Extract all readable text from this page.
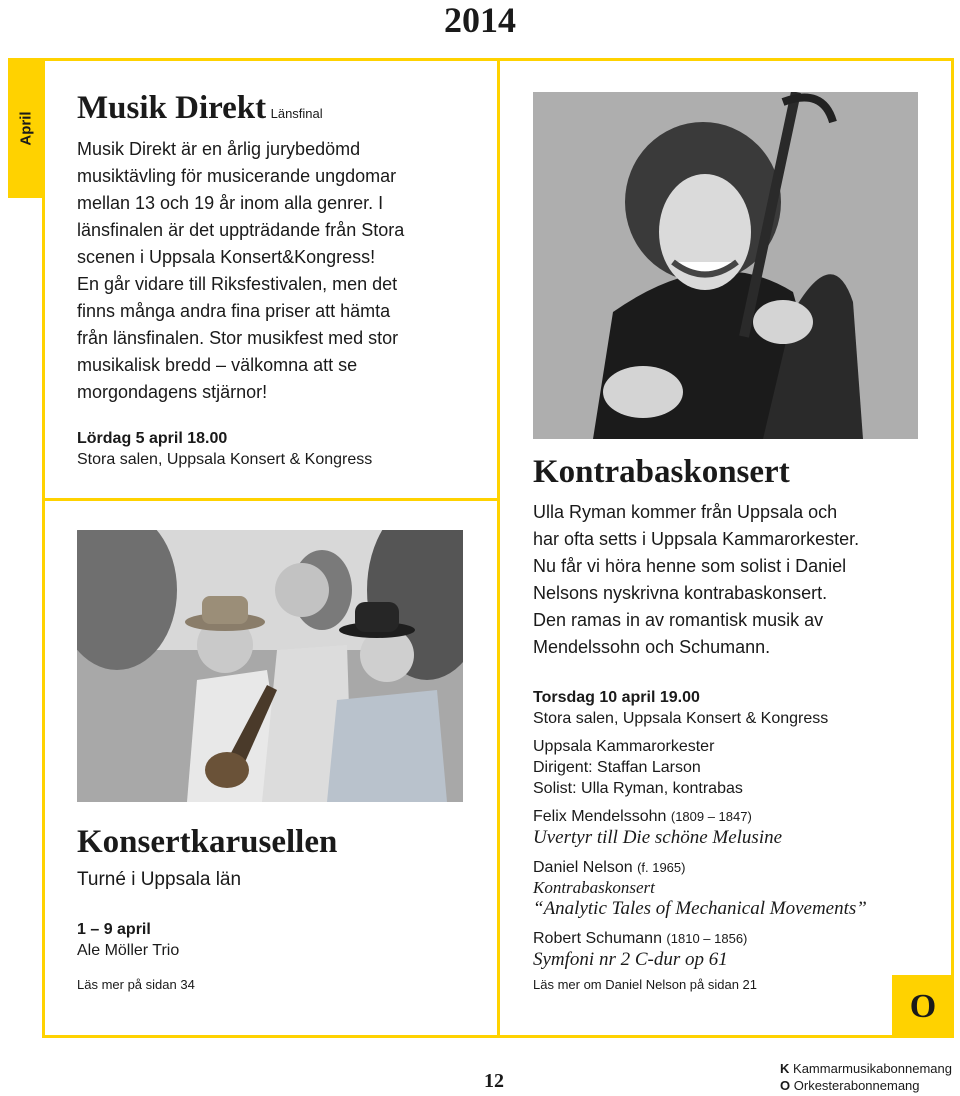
2014
April
Musik Direkt Länsfinal
Musik Direkt är en årlig jurybedömd
musiktävling för musicerande ungdomar
mellan 13 och 19 år inom alla genrer. I
länsfinalen är det uppträdande från Stora
scenen i Uppsala Konsert&Kongress!
En går vidare till Riksfestivalen, men det
finns många andra fina priser att hämta
från länsfinalen. Stor musikfest med stor
musikalisk bredd – välkomna att se
morgondagens stjärnor!
Lördag 5 april 18.00
Stora salen, Uppsala Konsert & Kongress
Konsertkarusellen
Turné i Uppsala län
1 – 9 april
Ale Möller Trio
Läs mer på sidan 34
Kontrabaskonsert
Ulla Ryman kommer från Uppsala och
har ofta setts i Uppsala Kammarorkester.
Nu får vi höra henne som solist i Daniel
Nelsons nyskrivna kontrabaskonsert.
Den ramas in av romantisk musik av
Mendelssohn och Schumann.
Torsdag 10 april 19.00
Stora salen, Uppsala Konsert & Kongress
Uppsala Kammarorkester
Dirigent: Staffan Larson
Solist: Ulla Ryman, kontrabas
Felix Mendelssohn (1809 – 1847)
Uvertyr till Die schöne Melusine
Daniel Nelson (f. 1965)
Kontrabaskonsert
“Analytic Tales of Mechanical Movements”
Robert Schumann (1810 – 1856)
Symfoni nr 2 C-dur op 61
Läs mer om Daniel Nelson på sidan 21
O
12
K Kammarmusikabonnemang
O Orkesterabonnemang
